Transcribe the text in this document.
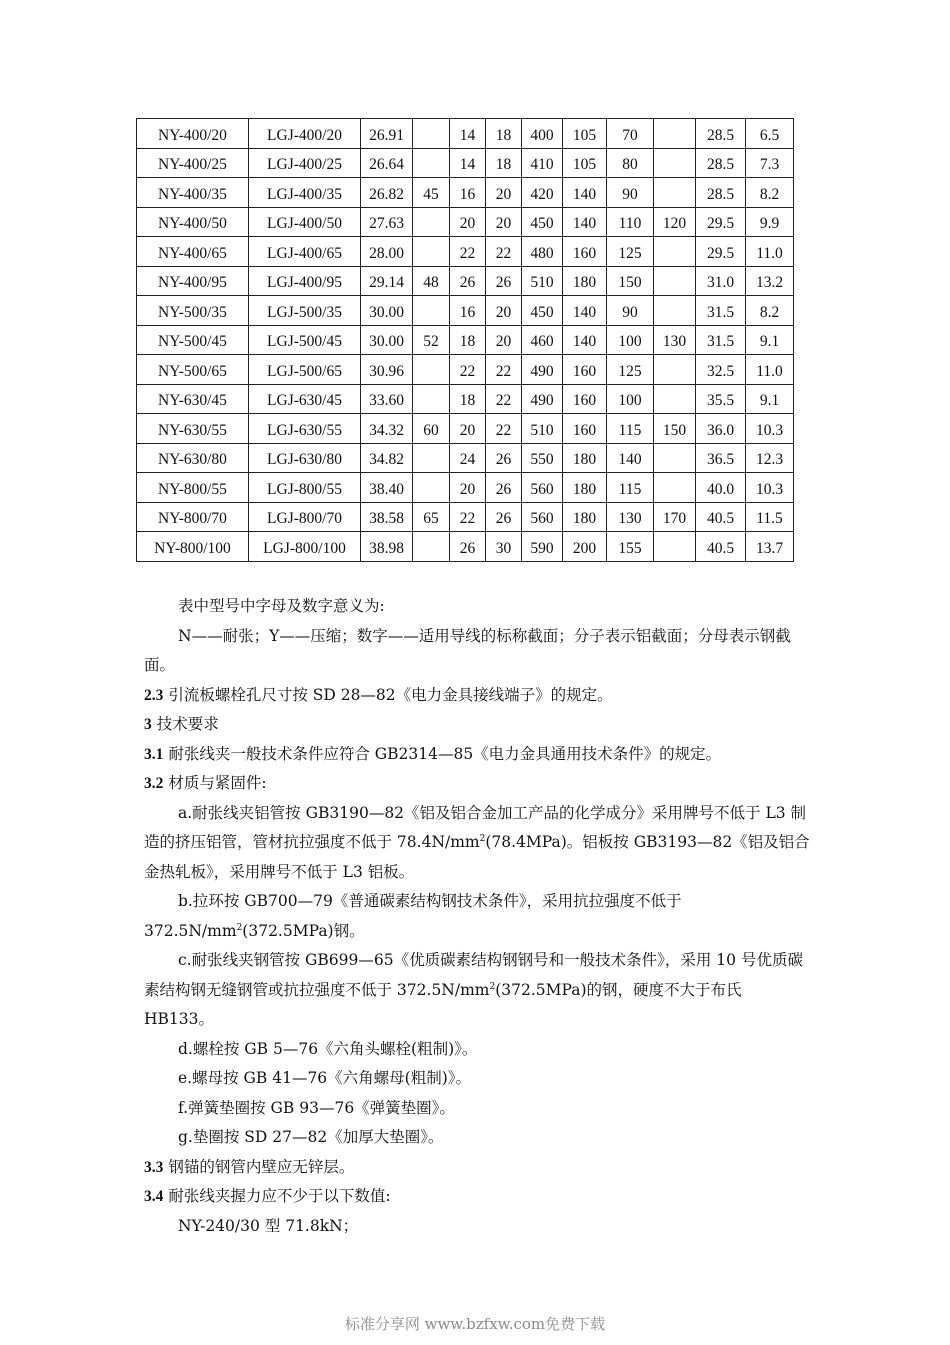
NY-400/20	LGJ-400/20	26.91		14	18	400	105	70		28.5	6.5
NY-400/25	LGJ-400/25	26.64		14	18	410	105	80		28.5	7.3
NY-400/35	LGJ-400/35	26.82	45	16	20	420	140	90		28.5	8.2
NY-400/50	LGJ-400/50	27.63		20	20	450	140	110	120	29.5	9.9
NY-400/65	LGJ-400/65	28.00		22	22	480	160	125		29.5	11.0
NY-400/95	LGJ-400/95	29.14	48	26	26	510	180	150		31.0	13.2
NY-500/35	LGJ-500/35	30.00		16	20	450	140	90		31.5	8.2
NY-500/45	LGJ-500/45	30.00	52	18	20	460	140	100	130	31.5	9.1
NY-500/65	LGJ-500/65	30.96		22	22	490	160	125		32.5	11.0
NY-630/45	LGJ-630/45	33.60		18	22	490	160	100		35.5	9.1
NY-630/55	LGJ-630/55	34.32	60	20	22	510	160	115	150	36.0	10.3
NY-630/80	LGJ-630/80	34.82		24	26	550	180	140		36.5	12.3
NY-800/55	LGJ-800/55	38.40		20	26	560	180	115		40.0	10.3
NY-800/70	LGJ-800/70	38.58	65	22	26	560	180	130	170	40.5	11.5
NY-800/100	LGJ-800/100	38.98		26	30	590	200	155		40.5	13.7

表中型号中字母及数字意义为:

N——耐张；Y——压缩；数字——适用导线的标称截面；分子表示铝截面；分母表示钢截面。

2.3 引流板螺栓孔尺寸按 SD 28—82《电力金具接线端子》的规定。

3 技术要求

3.1 耐张线夹一般技术条件应符合 GB2314—85《电力金具通用技术条件》的规定。

3.2 材质与紧固件:

a.耐张线夹铝管按 GB3190—82《铝及铝合金加工产品的化学成分》采用牌号不低于 L3 制造的挤压铝管，管材抗拉强度不低于 $78.4N/mm^2(78.4MPa)$。铝板按 GB3193—82《铝及铝合金热轧板》，采用牌号不低于 L3 铝板。

b.拉环按 GB700—79《普通碳素结构钢技术条件》，采用抗拉强度不低于 $372.5N/mm^2(372.5MPa)$钢。

c.耐张线夹钢管按 GB699—65《优质碳素结构钢钢号和一般技术条件》，采用 10 号优质碳素结构钢无缝钢管或抗拉强度不低于 $372.5N/mm^2(372.5MPa)$的钢，硬度不大于布氏 HB133。

d.螺栓按 GB 5—76《六角头螺栓(粗制)》。

e.螺母按 GB 41—76《六角螺母(粗制)》。

f.弹簧垫圈按 GB 93—76《弹簧垫圈》。

g.垫圈按 SD 27—82《加厚大垫圈》。

3.3 钢锚的钢管内壁应无锌层。

3.4 耐张线夹握力应不少于以下数值:

NY-240/30 型 71.8kN；

标准分享网 www.bzfxw.com免费下载
